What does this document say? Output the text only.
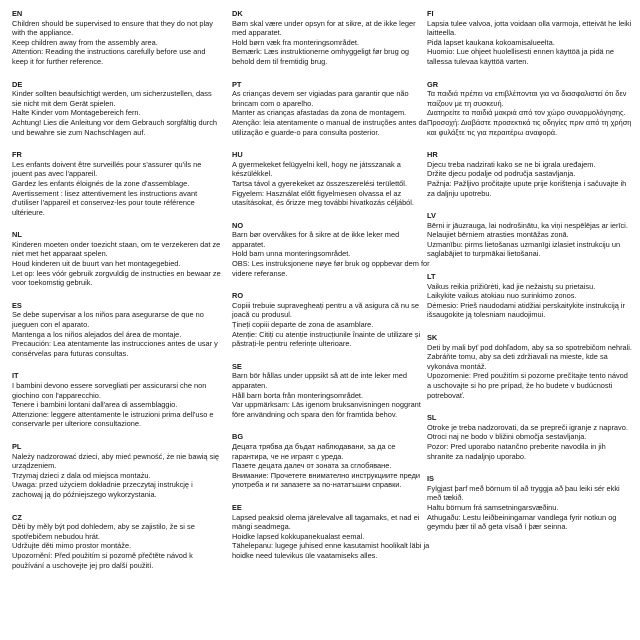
EN
Children should be supervised to ensure that they do not play with the appliance.
Keep children away from the assembly area.
Attention: Reading the instructions carefully before use and keep it for further reference.
DE
Kinder sollten beaufsichtigt werden, um sicherzustellen, dass sie nicht mit dem Gerät spielen.
Halte Kinder vom Montagebereich fern.
Achtung! Lies die Anleitung vor dem Gebrauch sorgfältig durch und bewahre sie zum Nachschlagen auf.
FR
Les enfants doivent être surveillés pour s'assurer qu'ils ne jouent pas avec l'appareil.
Gardez les enfants éloignés de la zone d'assemblage.
Avertissement : lisez attentivement les instructions avant d'utiliser l'appareil et conservez-les pour toute référence ultérieure.
NL
Kinderen moeten onder toezicht staan, om te verzekeren dat ze niet met het apparaat spelen.
Houd kinderen uit de buurt van het montagegebied.
Let op: lees vóór gebruik zorgvuldig de instructies en bewaar ze voor toekomstig gebruik.
ES
Se debe supervisar a los niños para asegurarse de que no jueguen con el aparato.
Mantenga a los niños alejados del área de montaje.
Precaución: Lea atentamente las instrucciones antes de usar y consérvelas para futuras consultas.
IT
I bambini devono essere sorvegliati per assicurarsi che non giochino con l'apparecchio.
Tenere i bambini lontani dall'area di assemblaggio.
Attenzione: leggere attentamente le istruzioni prima dell'uso e conservarle per ulteriore consultazione.
PL
Należy nadzorować dzieci, aby mieć pewność, że nie bawią się urządzeniem.
Trzymaj dzieci z dala od miejsca montażu.
Uwaga: przed użyciem dokładnie przeczytaj instrukcję i zachowaj ją do późniejszego wykorzystania.
CZ
Děti by měly být pod dohledem, aby se zajistilo, že si se spotřebičem nebudou hrát.
Udržujte děti mimo prostor montáže.
Upozornění: Před použitím si pozorně přečtěte návod k používání a uschovejte jej pro další použití.
DK
Børn skal være under opsyn for at sikre, at de ikke leger med apparatet.
Hold børn væk fra monteringsområdet.
Bemærk: Læs instruktionerne omhyggeligt før brug og behold dem til fremtidig brug.
PT
As crianças devem ser vigiadas para garantir que não brincam com o aparelho.
Manter as crianças afastadas da zona de montagem.
Atenção: leia atentamente o manual de instruções antes da utilização e guarde-o para consulta posterior.
HU
A gyermekeket felügyelni kell, hogy ne játsszanak a készülékkel.
Tartsa távol a gyerekeket az összeszerelési területtől.
Figyelem: Használat előtt figyelmesen olvassa el az utasításokat, és őrizze meg további hivatkozás céljából.
NO
Barn bør overvåkes for å sikre at de ikke leker med apparatet.
Hold barn unna monteringsområdet.
OBS: Les instruksjonene nøye før bruk og oppbevar dem for videre referanse.
RO
Copiii trebuie supravegheați pentru a vă asigura că nu se joacă cu produsul.
Țineți copiii departe de zona de asamblare.
Atenție: Citiți cu atenție instrucțiunile înainte de utilizare și păstrați-le pentru referințe ulterioare.
SE
Barn bör hållas under uppsikt så att de inte leker med apparaten.
Håll barn borta från monteringsområdet.
Var uppmärksam: Läs igenom bruksanvisningen noggrant före användning och spara den för framtida behov.
BG
Децата трябва да бъдат наблюдавани, за да се гарантира, че не играят с уреда.
Пазете децата далеч от зоната за сглобяване.
Внимание: Прочетете внимателно инструкциите преди употреба и ги запазете за по-нататъшни справки.
EE
Lapsed peaksid olema järelevalve all tagamaks, et nad ei mängi seadmega.
Hoidke lapsed kokkupanekualast eemal.
Tähelepanu: lugege juhised enne kasutamist hoolikalt läbi ja hoidke need tulevikus üle vaatamiseks alles.
FI
Lapsia tulee valvoa, jotta voidaan olla varmoja, etteivät he leiki laitteella.
Pidä lapset kaukana kokoamisalueelta.
Huomio: Lue ohjeet huolellisesti ennen käyttöä ja pidä ne tallessa tulevaa käyttöä varten.
GR
Τα παιδιά πρέπει να επιβλέπονται για να διασφαλιστεί ότι δεν παίζουν με τη συσκευή.
Διατηρείτε τα παιδιά μακριά από τον χώρο συναρμολόγησης.
Προσοχή: Διαβάστε προσεκτικά τις οδηγίες πριν από τη χρήση και φυλάξτε τις για περαιτέρω αναφορά.
HR
Djecu treba nadzirati kako se ne bi igrala uređajem.
Držite djecu podalje od područja sastavljanja.
Pažnja: Pažljivo pročitajte upute prije korištenja i sačuvajte ih za daljnju upotrebu.
LV
Bērni ir jāuzrauga, lai nodrošinātu, ka viņi nespēlējas ar ierīci.
Nelaujiet bērniem atrasties montāžas zonā.
Uzmanību: pirms lietošanas uzmanīgi izlasiet instrukciju un saglabājiet to turpmākai lietošanai.
LT
Vaikus reikia prižiūrėti, kad jie nežaistų su prietaisu.
Laikykite vaikus atokiau nuo surinkimo zonos.
Dėmesio: Prieš naudodami atidžiai perskaitykite instrukciją ir išsaugokite ją tolesniam naudojimui.
SK
Deti by mali byť pod dohľadom, aby sa so spotrebičom nehrali.
Zabráňte tomu, aby sa deti zdržiavali na mieste, kde sa vykonáva montáž.
Upozornenie: Pred použitím si pozorne prečítajte tento návod a uschovajte si ho pre prípad, že ho budete v budúcnosti potrebovať.
SL
Otroke je treba nadzorovati, da se prepreči igranje z napravo.
Otroci naj ne bodo v bližini območja sestavljanja.
Pozor: Pred uporabo natančno preberite navodila in jih shranite za nadaljnjo uporabo.
IS
Fylgjast þarf með börnum til að tryggja að þau leiki sér ekki með tækið.
Haltu börnum frá samsetningarsvæðinu.
Athugaðu: Lestu leiðbeiningarnar vandlega fyrir notkun og geymdu þær til að geta vísað í þær seinna.
